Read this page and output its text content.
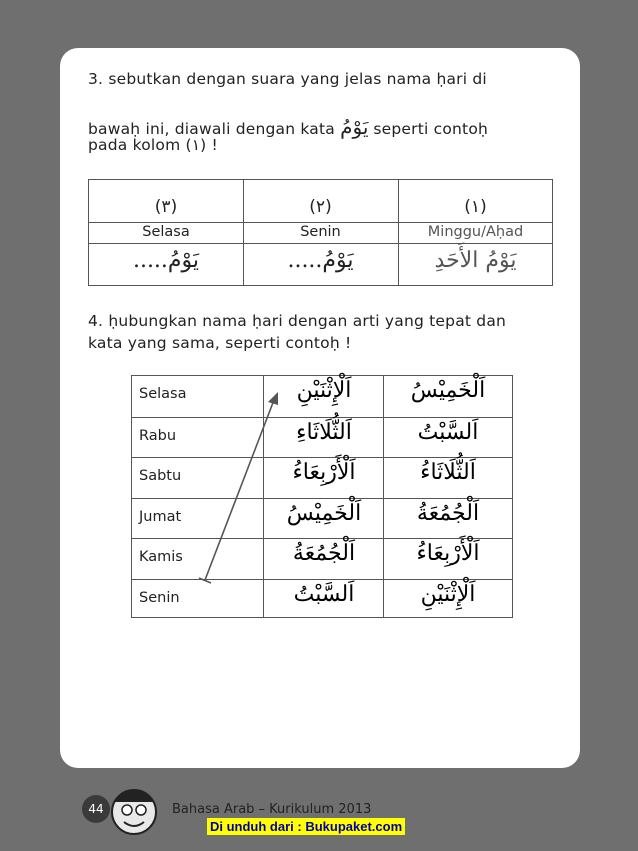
3. sebutkan dengan suara yang jelas nama ḥari di
bawaḥ ini, diawali dengan kata يَوْمُ seperti contoḥ
pada kolom (١) !
(٣)	(٢)	(١)
Selasa	Senin	Minggu/Aḥad
يَوْمُ.....	يَوْمُ.....	يَوْمُ الأَحَدِ
4. ḥubungkan nama ḥari dengan arti yang tepat dan
kata yang sama, seperti contoḥ !
Selasa	اَلْإِثْنَيْنِ	اَلْخَمِيْسُ
Rabu	اَلثُّلَاثَاءِ	اَلسَّبْتُ
Sabtu	اَلْأَرْبِعَاءُ	اَلثُّلَاثَاءُ
Jumat	اَلْخَمِيْسُ	اَلْجُمُعَةُ
Kamis	اَلْجُمُعَةُ	اَلْأَرْبِعَاءُ
Senin	اَلسَّبْتُ	اَلْإِثْنَيْنِ
44	Bahasa Arab – Kurikulum 2013
Di unduh dari : Bukupaket.com
